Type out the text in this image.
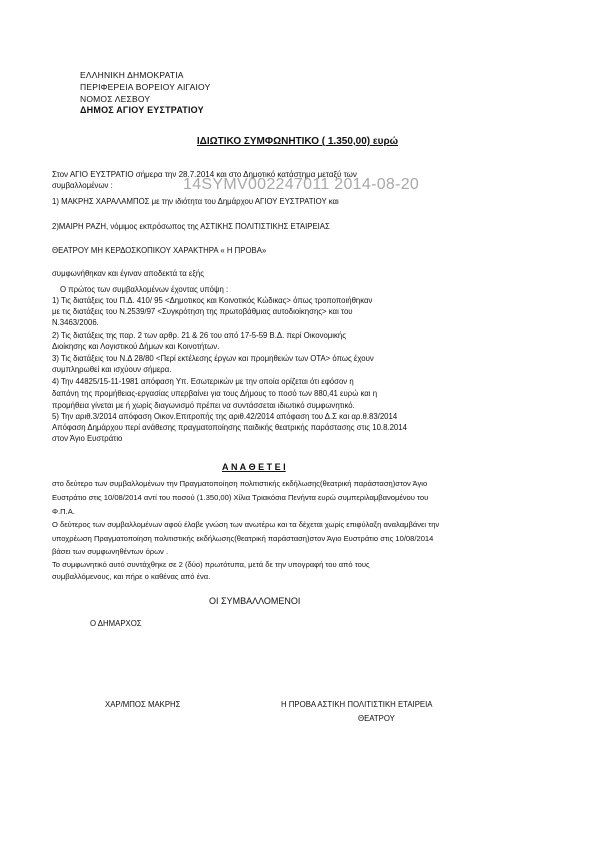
ΕΛΛΗΝΙΚΗ ΔΗΜΟΚΡΑΤΙΑ
ΠΕΡΙΦΕΡΕΙΑ ΒΟΡΕΙΟΥ ΑΙΓΑΙΟΥ
ΝΟΜΟΣ ΛΕΣΒΟΥ
ΔΗΜΟΣ ΑΓΙΟΥ ΕΥΣΤΡΑΤΙΟΥ
ΙΔΙΩΤΙΚΟ ΣΥΜΦΩΝΗΤΙΚΟ ( 1.350,00) ευρώ
Στον ΑΓΙΟ ΕΥΣΤΡΑΤΙΟ σήμερα την 28.7.2014 και στο Δημοτικό κατάστημα μεταξύ των
συμβαλλομένων :	14SYMV002247011 2014-08-20
1) ΜΑΚΡΗΣ ΧΑΡΑΛΑΜΠΟΣ με την ιδιότητα του Δημάρχου ΑΓΙΟΥ ΕΥΣΤΡΑΤΙΟΥ και
2)ΜΑΙΡΗ ΡΑΖΗ, νόμιμος εκπρόσωπος της ΑΣΤΙΚΗΣ ΠΟΛΙΤΙΣΤΙΚΗΣ ΕΤΑΙΡΕΙΑΣ
ΘΕΑΤΡΟΥ ΜΗ ΚΕΡΔΟΣΚΟΠΙΚΟΥ ΧΑΡΑΚΤΗΡΑ « Η ΠΡΟΒΑ»
συμφωνήθηκαν και έγιναν αποδεκτά τα εξής
Ο πρώτος των συμβαλλομένων έχοντας υπόψη :
1) Τις διατάξεις του Π.Δ. 410/ 95 <Δημοτικος και Κοινοτικός Κώδικας> όπως τροποποιήθηκαν
με τις διατάξεις του Ν.2539/97 <Συγκρότηση της πρωτοβάθμιας αυτοδιοίκησης> και του
Ν.3463/2006.
2) Τις διατάξεις της παρ. 2 των αρθρ. 21 & 26 του από 17-5-59 Β.Δ. περί Οικονομικής
Διοίκησης και Λογιστικού Δήμων και Κοινοτήτων.
3) Τις διατάξεις του Ν.Δ 28/80 <Περί εκτέλεσης έργων και προμηθειών των ΟΤΑ> όπως έχουν
συμπληρωθεί και ισχύουν σήμερα.
4) Την 44825/15-11-1981 απόφαση Υπ. Εσωτερικών με την οποία ορίζεται ότι εφόσον η
δαπάνη της προμήθειας-εργασίας υπερβαίνει για τους Δήμους το ποσό των 880,41 ευρώ και η
προμήθεια γίνεται με ή χωρίς διαγωνισμό πρέπει να συντάσσεται ιδιωτικό συμφωνητικό.
5) Την αριθ.3/2014 απόφαση Οικον.Επιτροπής της αριθ.42/2014 απόφαση του Δ.Σ και αρ.θ.83/2014
Απόφαση Δημάρχου περί ανάθεσης πραγματοποίησης παιδικής θεατρικής παράστασης στις 10.8.2014
στον Άγιο Ευστράτιο
Α Ν Α Θ Ε Τ Ε Ι
στο δεύτερο των συμβαλλομένων την Πραγματοποίηση πολιτιστικής εκδήλωσης(θεατρική παράσταση)στον Άγιο
Ευστράτιο στις 10/08/2014 αντί του ποσού (1.350,00) Χίλια Τριακόσια Πενήντα ευρώ συμπεριλαμβανομένου του
Φ.Π.Α.
Ο δεύτερος των συμβαλλομένων αφού έλαβε γνώση των ανωτέρω και τα δέχεται χωρίς επιφύλαξη αναλαμβάνει την
υποχρέωση Πραγματοποίηση πολιτιστικής εκδήλωσης(θεατρική παράσταση)στον Άγιο Ευστράτιο στις 10/08/2014
βάσει των συμφωνηθέντων όρων .
Το συμφωνητικό αυτό συντάχθηκε σε 2 (δύο) πρωτότυπα, μετά δε την υπογραφή του από τους
συμβαλλόμενους, και πήρε ο καθένας από ένα.
ΟΙ ΣΥΜΒΑΛΛΟΜΕΝΟΙ
Ο ΔΗΜΑΡΧΟΣ
ΧΑΡ/ΜΠΟΣ ΜΑΚΡΗΣ	Η ΠΡΟΒΑ ΑΣΤΙΚΗ ΠΟΛΙΤΙΣΤΙΚΗ ΕΤΑΙΡΕΙΑ
ΘΕΑΤΡΟΥ
